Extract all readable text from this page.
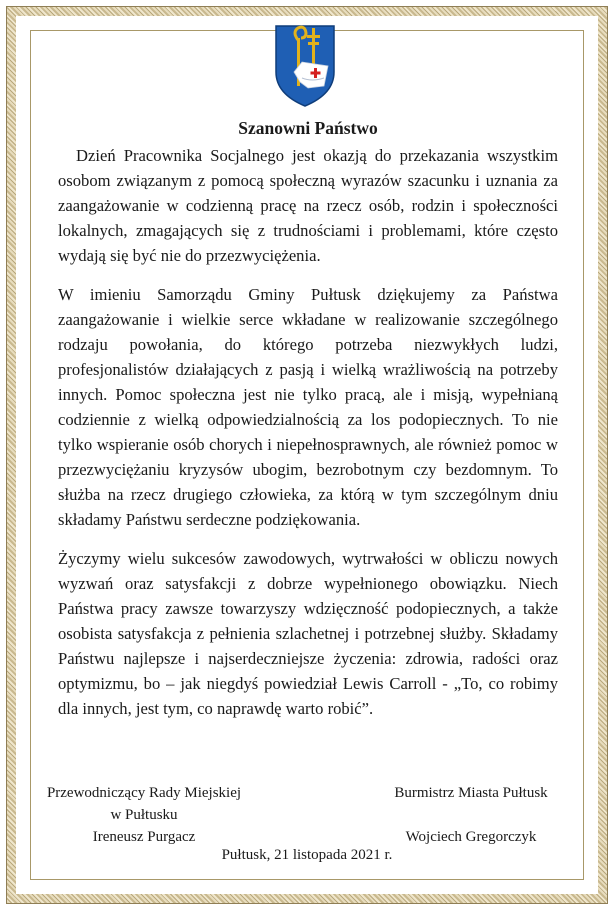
Szanowni Państwo

Dzień Pracownika Socjalnego jest okazją do przekazania wszystkim osobom związanym z pomocą społeczną wyrazów szacunku i uznania za zaangażowanie w codzienną pracę na rzecz osób, rodzin i społeczności lokalnych, zmagających się z trudnościami i problemami, które często wydają się być nie do przezwyciężenia.

W imieniu Samorządu Gminy Pułtusk dziękujemy za Państwa zaangażowanie i wielkie serce wkładane w realizowanie szczególnego rodzaju powołania, do którego potrzeba niezwykłych ludzi, profesjonalistów działających z pasją i wielką wrażliwością na potrzeby innych. Pomoc społeczna jest nie tylko pracą, ale i misją, wypełnianą codziennie z wielką odpowiedzialnością za los podopiecznych. To nie tylko wspieranie osób chorych i niepełnosprawnych, ale również pomoc w przezwyciężaniu kryzysów ubogim, bezrobotnym czy bezdomnym. To służba na rzecz drugiego człowieka, za którą w tym szczególnym dniu składamy Państwu serdeczne podziękowania.

Życzymy wielu sukcesów zawodowych, wytrwałości w obliczu nowych wyzwań oraz satysfakcji z dobrze wypełnionego obowiązku. Niech Państwa pracy zawsze towarzyszy wdzięczność podopiecznych, a także osobista satysfakcja z pełnienia szlachetnej i potrzebnej służby. Składamy Państwu najlepsze i najserdeczniejsze życzenia: zdrowia, radości oraz optymizmu, bo – jak niegdyś powiedział Lewis Carroll - „To, co robimy dla innych, jest tym, co naprawdę warto robić”.

Przewodniczący Rady Miejskiej
w Pułtusku
Ireneusz Purgacz
Burmistrz Miasta Pułtusk
Wojciech Gregorczyk
Pułtusk, 21 listopada 2021 r.
